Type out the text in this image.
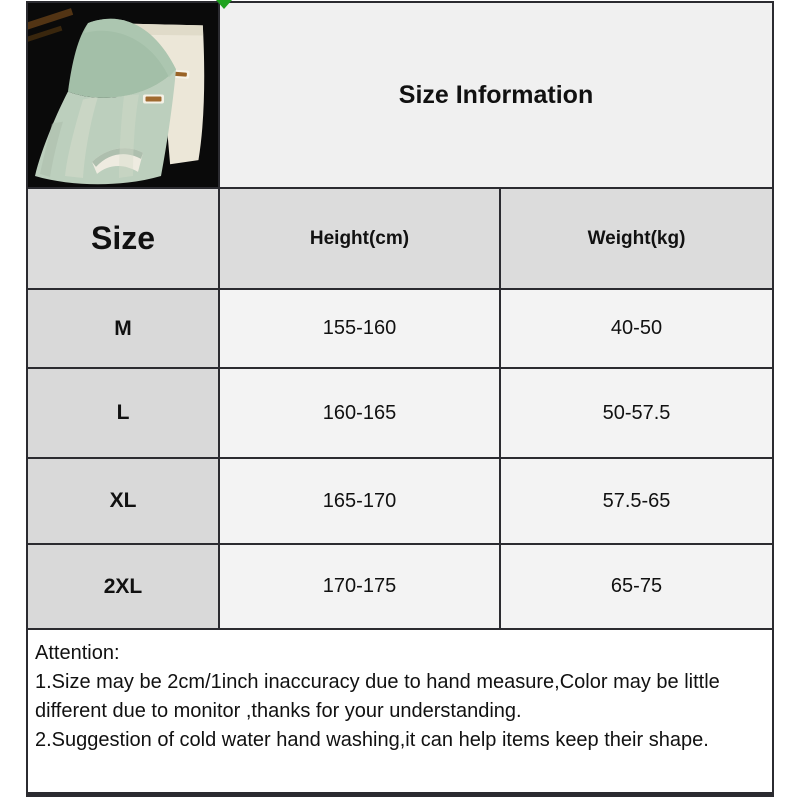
Size Information
Size	Height(cm)	Weight(kg)
M	155-160	40-50
L	160-165	50-57.5
XL	165-170	57.5-65
2XL	170-175	65-75

Attention:

1.Size may be 2cm/1inch inaccuracy due to hand measure,Color may be little different due to monitor ,thanks for your understanding.

2.Suggestion of cold water hand washing,it can help items keep their shape.
